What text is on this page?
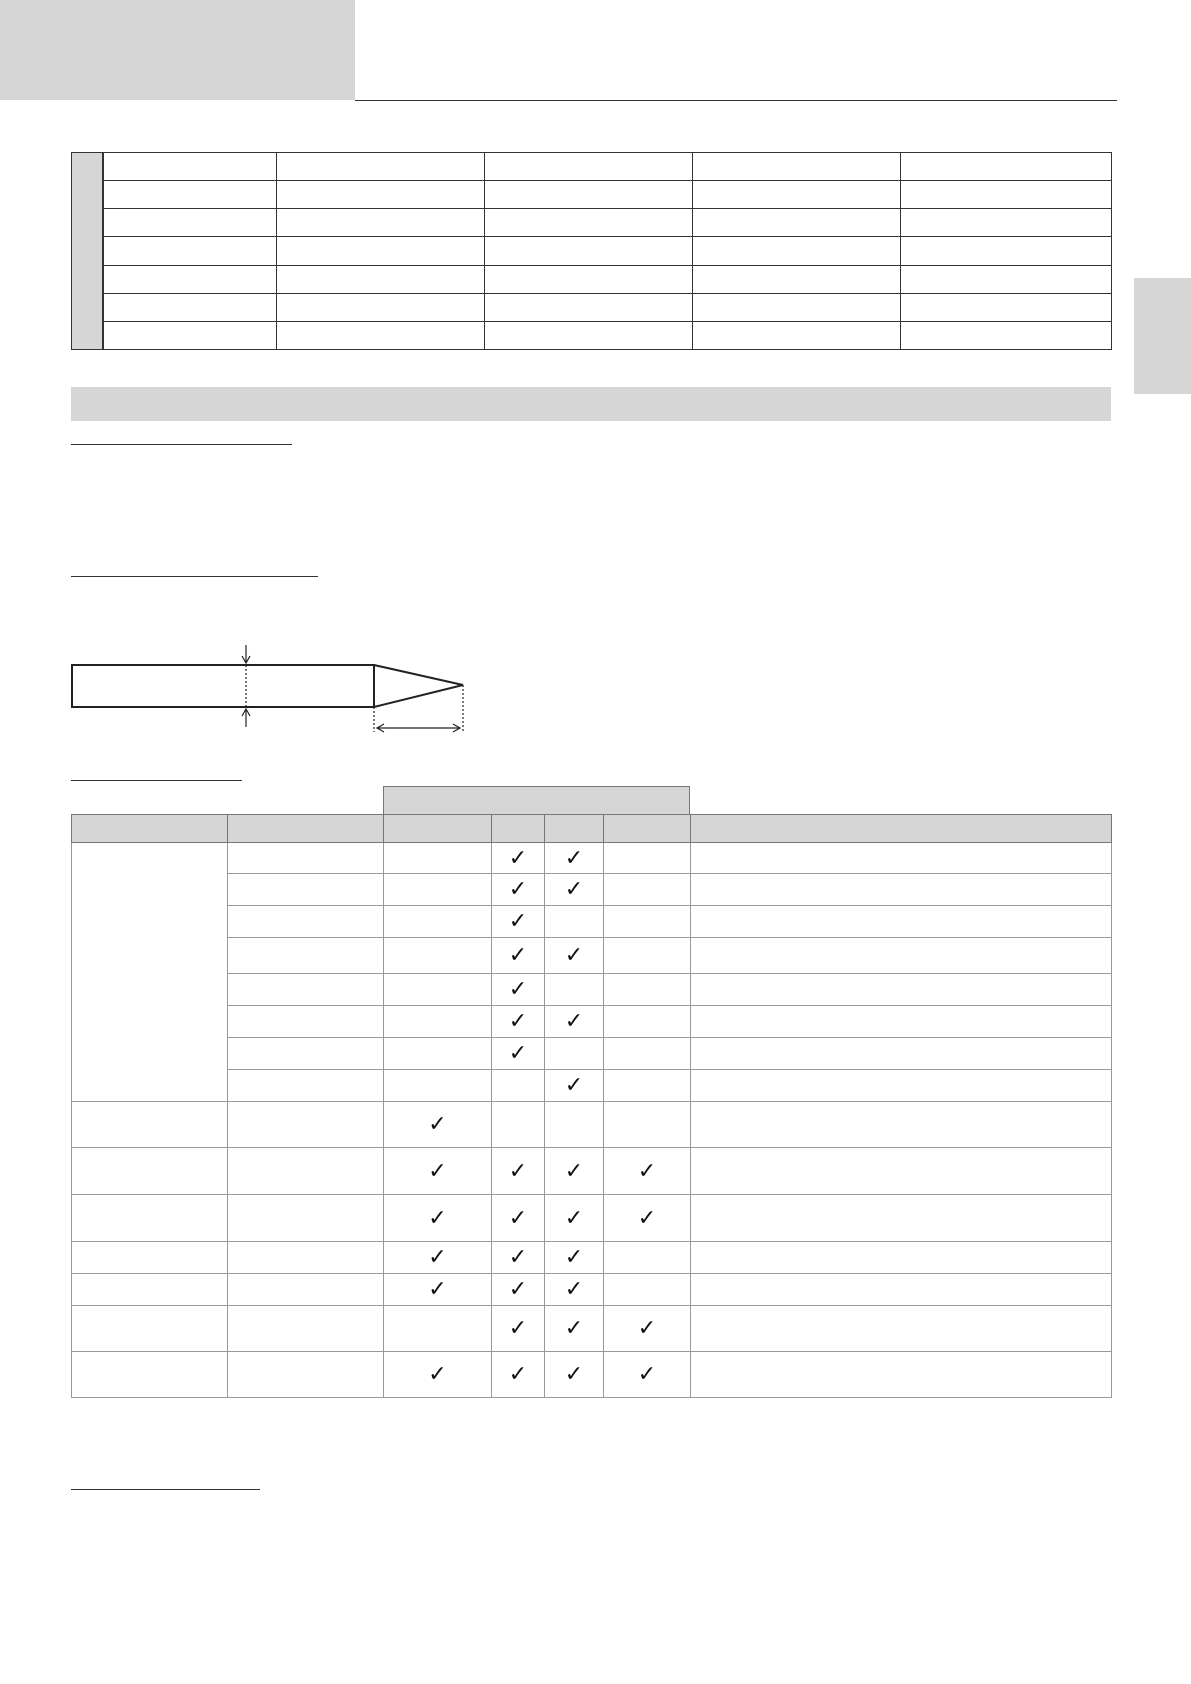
			✓	✓		
			✓	✓		
			✓			
			✓	✓		
			✓			
			✓	✓		
			✓			
				✓		
		✓				
		✓	✓	✓	✓	
		✓	✓	✓	✓	
		✓	✓	✓		
		✓	✓	✓		
			✓	✓	✓	
		✓	✓	✓	✓	
